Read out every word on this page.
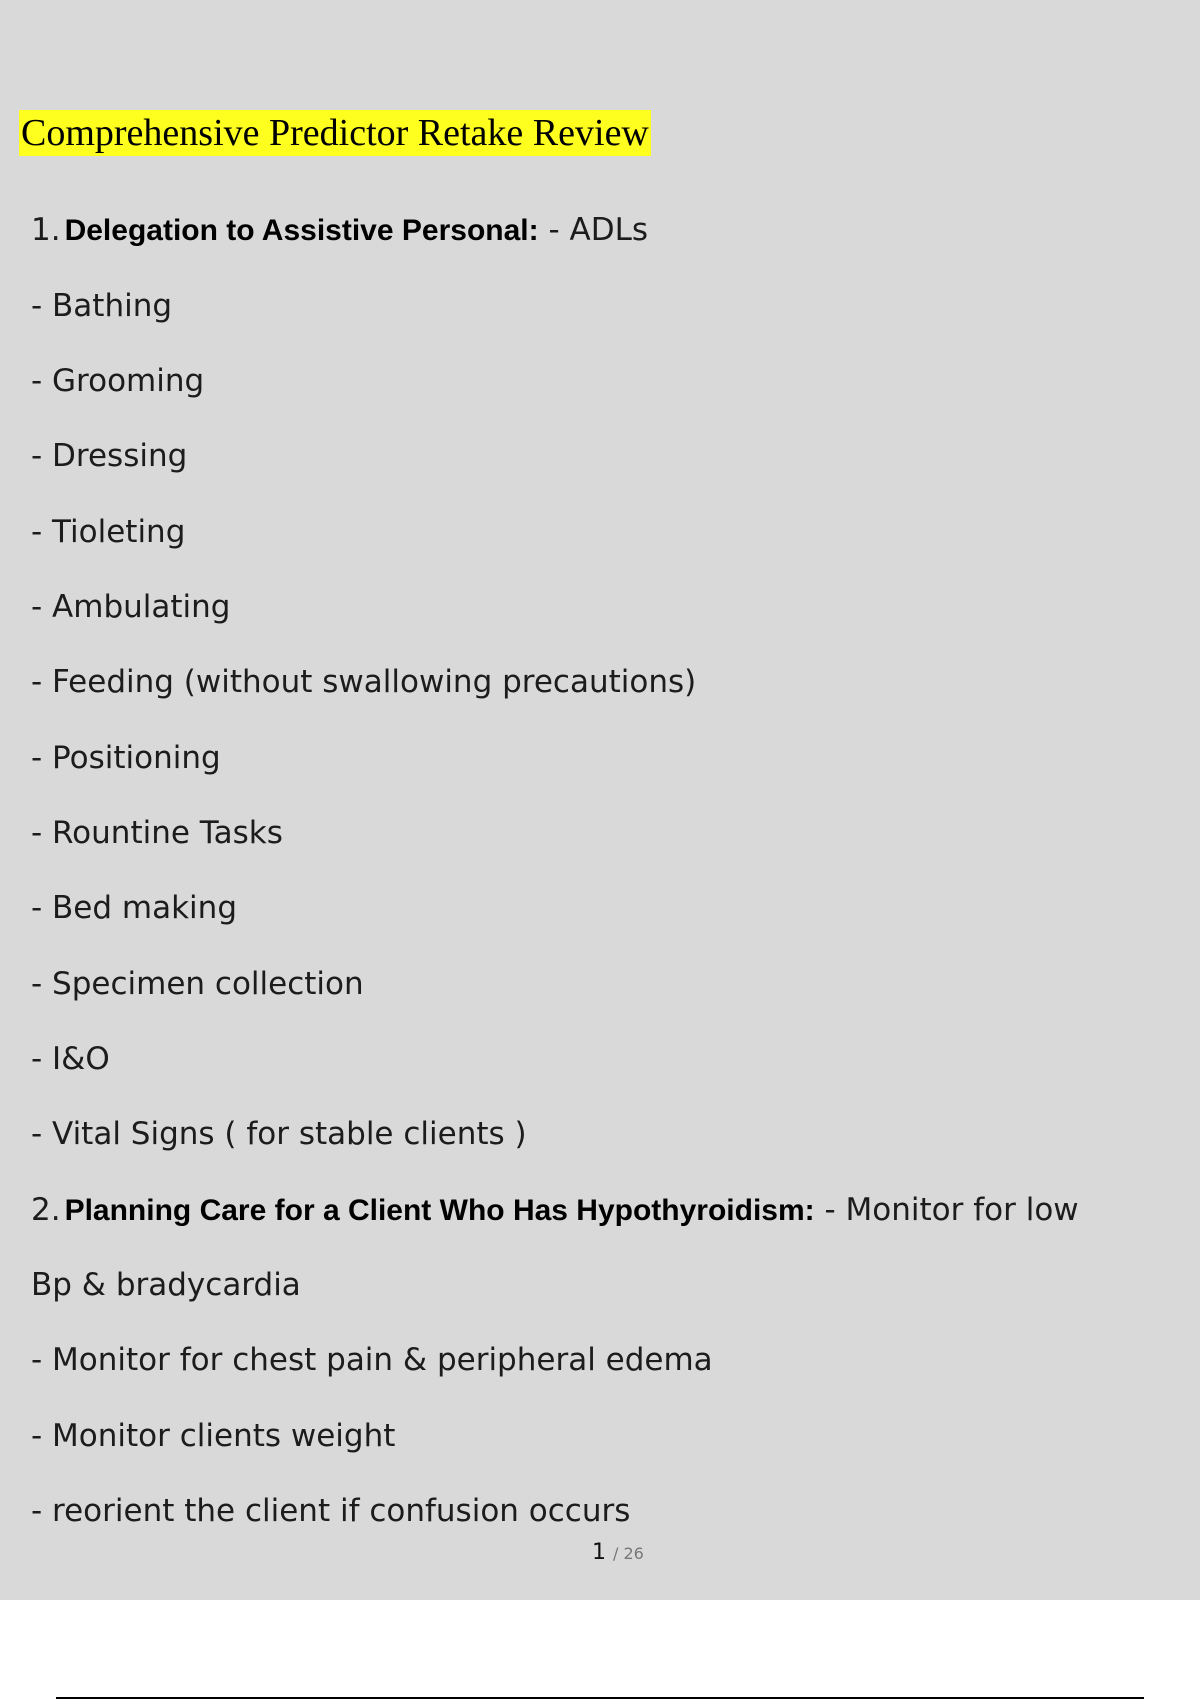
Comprehensive Predictor Retake Review
1. Delegation to Assistive Personal: - ADLs
- Bathing
- Grooming
- Dressing
- Tioleting
- Ambulating
- Feeding (without swallowing precautions)
- Positioning
- Rountine Tasks
- Bed making
- Specimen collection
- I&O
- Vital Signs ( for stable clients )
2. Planning Care for a Client Who Has Hypothyroidism: - Monitor for low
Bp & bradycardia
- Monitor for chest pain & peripheral edema
- Monitor clients weight
- reorient the client if confusion occurs
1 / 26
